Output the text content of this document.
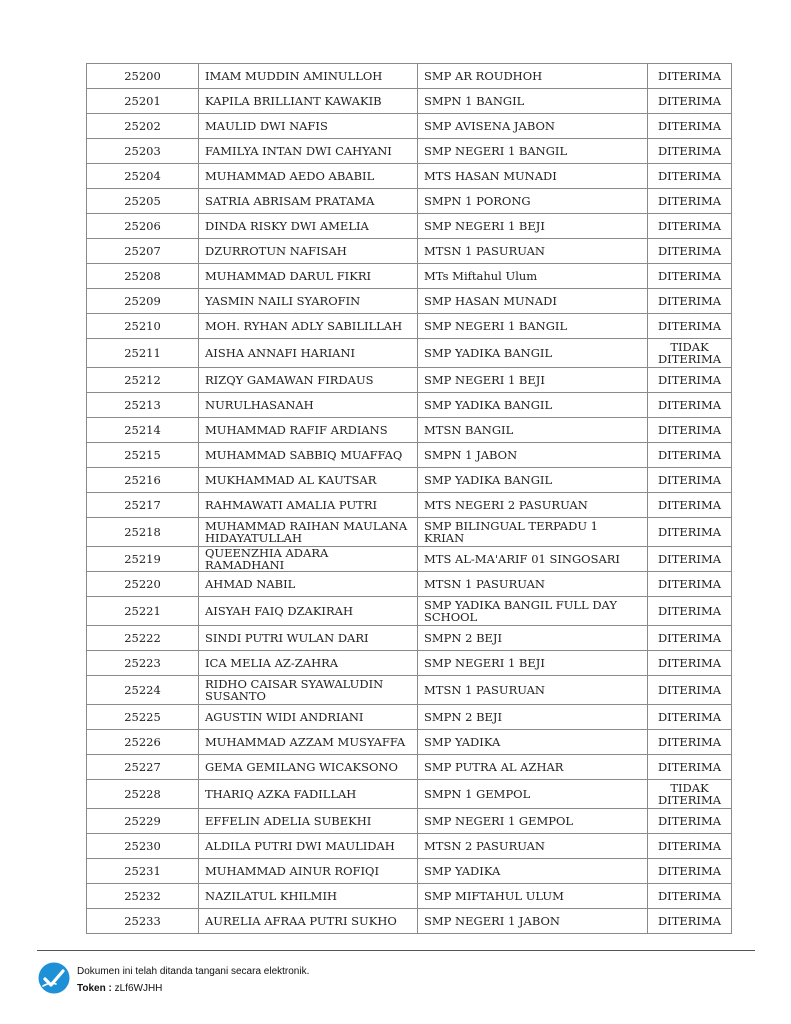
25200	IMAM MUDDIN AMINULLOH	SMP AR ROUDHOH	DITERIMA
25201	KAPILA BRILLIANT KAWAKIB	SMPN 1 BANGIL	DITERIMA
25202	MAULID DWI NAFIS	SMP AVISENA JABON	DITERIMA
25203	FAMILYA INTAN DWI CAHYANI	SMP NEGERI 1 BANGIL	DITERIMA
25204	MUHAMMAD AEDO ABABIL	MTS HASAN MUNADI	DITERIMA
25205	SATRIA ABRISAM PRATAMA	SMPN 1 PORONG	DITERIMA
25206	DINDA RISKY DWI AMELIA	SMP NEGERI 1 BEJI	DITERIMA
25207	DZURROTUN NAFISAH	MTSN 1 PASURUAN	DITERIMA
25208	MUHAMMAD DARUL FIKRI	MTs Miftahul Ulum	DITERIMA
25209	YASMIN NAILI SYAROFIN	SMP HASAN MUNADI	DITERIMA
25210	MOH. RYHAN ADLY SABILILLAH	SMP NEGERI 1 BANGIL	DITERIMA
25211	AISHA ANNAFI HARIANI	SMP YADIKA BANGIL	TIDAK DITERIMA
25212	RIZQY GAMAWAN FIRDAUS	SMP NEGERI 1 BEJI	DITERIMA
25213	NURULHASANAH	SMP YADIKA BANGIL	DITERIMA
25214	MUHAMMAD RAFIF ARDIANS	MTSN BANGIL	DITERIMA
25215	MUHAMMAD SABBIQ MUAFFAQ	SMPN 1 JABON	DITERIMA
25216	MUKHAMMAD AL KAUTSAR	SMP YADIKA BANGIL	DITERIMA
25217	RAHMAWATI AMALIA PUTRI	MTS NEGERI 2 PASURUAN	DITERIMA
25218	MUHAMMAD RAIHAN MAULANA HIDAYATULLAH	SMP BILINGUAL TERPADU 1 KRIAN	DITERIMA
25219	QUEENZHIA ADARA RAMADHANI	MTS AL-MA'ARIF 01 SINGOSARI	DITERIMA
25220	AHMAD NABIL	MTSN 1 PASURUAN	DITERIMA
25221	AISYAH FAIQ DZAKIRAH	SMP YADIKA BANGIL FULL DAY SCHOOL	DITERIMA
25222	SINDI PUTRI WULAN DARI	SMPN 2 BEJI	DITERIMA
25223	ICA MELIA AZ-ZAHRA	SMP NEGERI 1 BEJI	DITERIMA
25224	RIDHO CAISAR SYAWALUDIN SUSANTO	MTSN 1 PASURUAN	DITERIMA
25225	AGUSTIN WIDI ANDRIANI	SMPN 2 BEJI	DITERIMA
25226	MUHAMMAD AZZAM MUSYAFFA	SMP YADIKA	DITERIMA
25227	GEMA GEMILANG WICAKSONO	SMP PUTRA AL AZHAR	DITERIMA
25228	THARIQ AZKA FADILLAH	SMPN 1 GEMPOL	TIDAK DITERIMA
25229	EFFELIN ADELIA SUBEKHI	SMP NEGERI 1 GEMPOL	DITERIMA
25230	ALDILA PUTRI DWI MAULIDAH	MTSN 2 PASURUAN	DITERIMA
25231	MUHAMMAD AINUR ROFIQI	SMP YADIKA	DITERIMA
25232	NAZILATUL KHILMIH	SMP MIFTAHUL ULUM	DITERIMA
25233	AURELIA AFRAA PUTRI SUKHO	SMP NEGERI 1 JABON	DITERIMA
Dokumen ini telah ditanda tangani secara elektronik.
Token : zLf6WJHH
